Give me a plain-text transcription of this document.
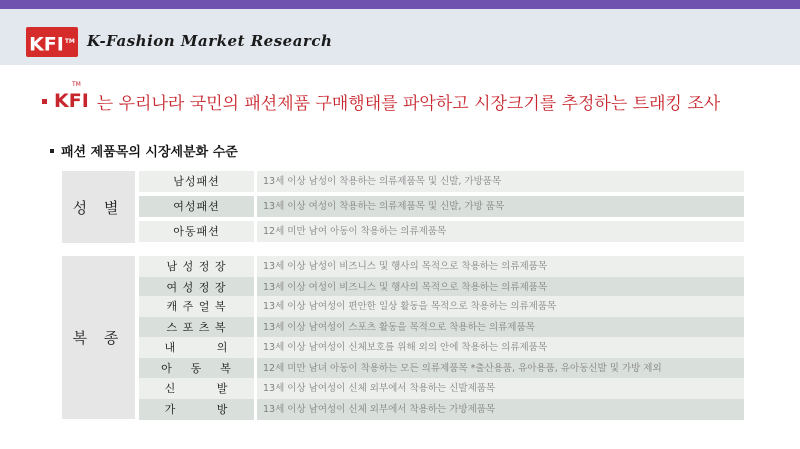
KFI™ K-Fashion Market Research
KFI
TM
는 우리나라 국민의 패션제품 구매행태를 파악하고 시장크기를 추정하는 트래킹 조사
패션 제품목의 시장세분화 수준
성 별
남성패션	13세 이상 남성이 착용하는 의류제품목 및 신발, 가방품목
여성패션	13세 이상 여성이 착용하는 의류제품목 및 신발, 가방 품목
아동패션	12세 미만 남여 아동이 착용하는 의류제품목
복 종
남 성 정 장	13세 이상 남성이 비즈니스 및 행사의 목적으로 착용하는 의류제품목
여 성 정 장	13세 이상 여성이 비즈니스 및 행사의 목적으로 착용하는 의류제품목
캐 주 얼 복	13세 이상 남여성이 편안한 일상 활동을 목적으로 착용하는 의류제품목
스 포 츠 복	13세 이상 남여성이 스포츠 활동을 목적으로 착용하는 의류제품목
내         의	13세 이상 남여성이 신체보호를 위해 외의 안에 착용하는 의류제품목
아    동    복	12세 미만 남녀 아동이 착용하는 모든 의류제품목 *출산용품, 유아용품, 유아동신발 및 가방 제외
신         발	13세 이상 남여성이 신체 외부에서 착용하는 신발제품목
가         방	13세 이상 남여성이 신체 외부에서 착용하는 가방제품목
